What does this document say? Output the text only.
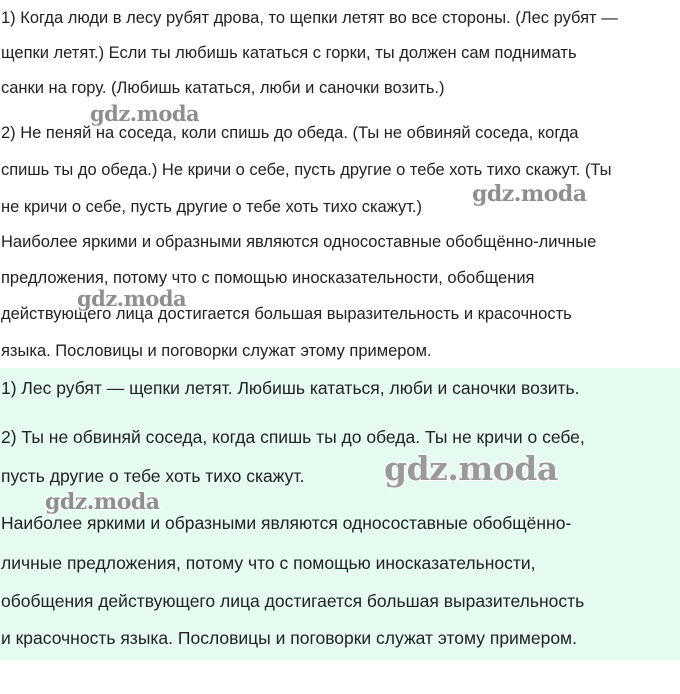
1) Когда люди в лесу рубят дрова, то щепки летят во все стороны. (Лес рубят —
щепки летят.) Если ты любишь кататься с горки, ты должен сам поднимать
санки на гору. (Любишь кататься, люби и саночки возить.)
2) Не пеняй на соседа, коли спишь до обеда. (Ты не обвиняй соседа, когда
спишь ты до обеда.) Не кричи о себе, пусть другие о тебе хоть тихо скажут. (Ты
не кричи о себе, пусть другие о тебе хоть тихо скажут.)
Наиболее яркими и образными являются односоставные обобщённо-личные
предложения, потому что с помощью иносказательности, обобщения
действующего лица достигается большая выразительность и красочность
языка. Пословицы и поговорки служат этому примером.
1) Лес рубят — щепки летят. Любишь кататься, люби и саночки возить.
2) Ты не обвиняй соседа, когда спишь ты до обеда. Ты не кричи о себе,
пусть другие о тебе хоть тихо скажут.
Наиболее яркими и образными являются односоставные обобщённо-
личные предложения, потому что с помощью иносказательности,
обобщения действующего лица достигается большая выразительность
и красочность языка. Пословицы и поговорки служат этому примером.
gdz.moda
gdz.moda
gdz.moda
gdz.moda
gdz.moda
